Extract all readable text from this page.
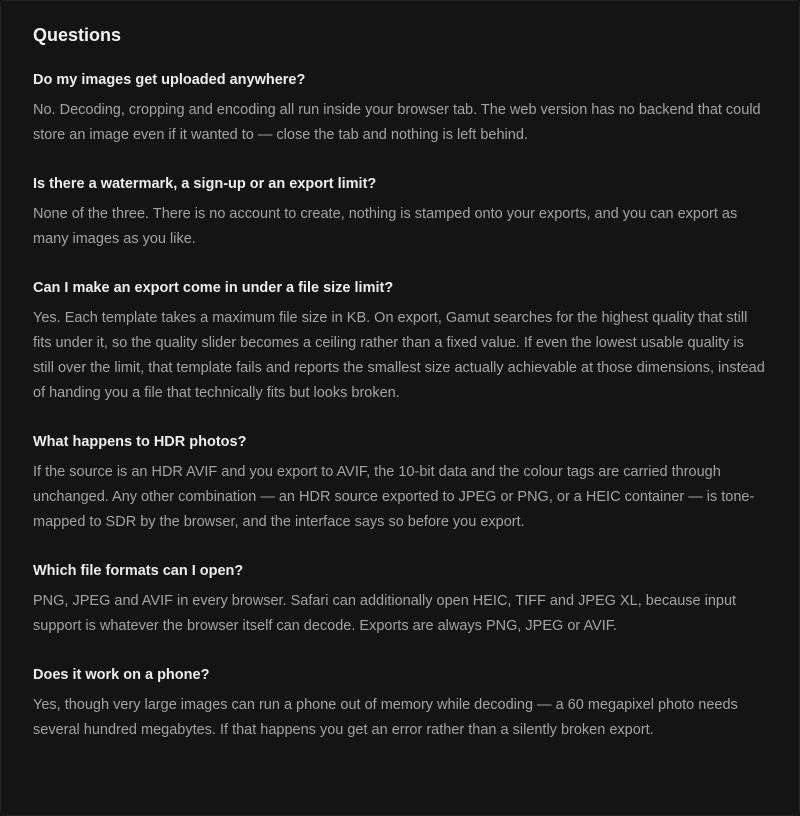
Questions
Do my images get uploaded anywhere?

No. Decoding, cropping and encoding all run inside your browser tab. The web version has no backend that could store an image even if it wanted to — close the tab and nothing is left behind.

Is there a watermark, a sign-up or an export limit?

None of the three. There is no account to create, nothing is stamped onto your exports, and you can export as many images as you like.

Can I make an export come in under a file size limit?

Yes. Each template takes a maximum file size in KB. On export, Gamut searches for the highest quality that still fits under it, so the quality slider becomes a ceiling rather than a fixed value. If even the lowest usable quality is still over the limit, that template fails and reports the smallest size actually achievable at those dimensions, instead of handing you a file that technically fits but looks broken.

What happens to HDR photos?

If the source is an HDR AVIF and you export to AVIF, the 10-bit data and the colour tags are carried through unchanged. Any other combination — an HDR source exported to JPEG or PNG, or a HEIC container — is tone-mapped to SDR by the browser, and the interface says so before you export.

Which file formats can I open?

PNG, JPEG and AVIF in every browser. Safari can additionally open HEIC, TIFF and JPEG XL, because input support is whatever the browser itself can decode. Exports are always PNG, JPEG or AVIF.

Does it work on a phone?

Yes, though very large images can run a phone out of memory while decoding — a 60 megapixel photo needs several hundred megabytes. If that happens you get an error rather than a silently broken export.
